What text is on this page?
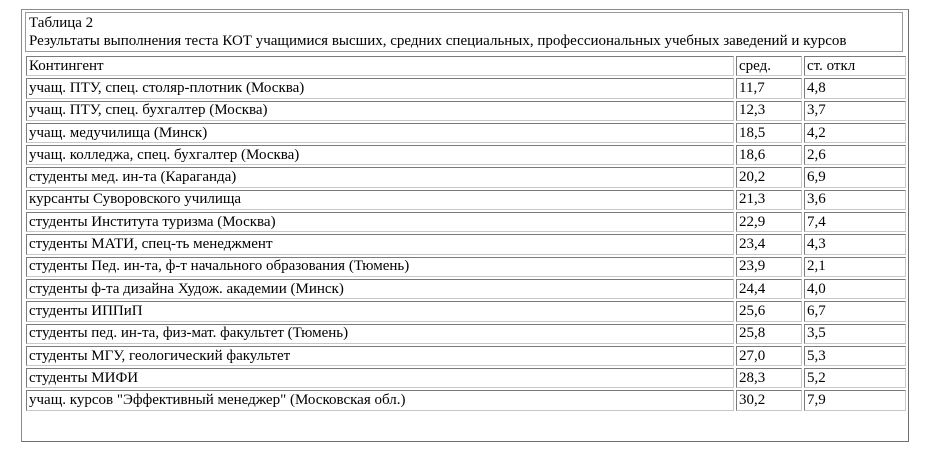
Таблица 2
Результаты выполнения теста КОТ учащимися высших, средних специальных, профессиональных учебных заведений и курсов
Контингент	сред.	ст. откл
учащ. ПТУ, спец. столяр-плотник (Москва)	11,7	4,8
учащ. ПТУ, спец. бухгалтер (Москва)	12,3	3,7
учащ. медучилища (Минск)	18,5	4,2
учащ. колледжа, спец. бухгалтер (Москва)	18,6	2,6
студенты мед. ин-та (Караганда)	20,2	6,9
курсанты Суворовского училища	21,3	3,6
студенты Института туризма (Москва)	22,9	7,4
студенты МАТИ, спец-ть менеджмент	23,4	4,3
студенты Пед. ин-та, ф-т начального образования (Тюмень)	23,9	2,1
студенты ф-та дизайна Худож. академии (Минск)	24,4	4,0
студенты ИППиП	25,6	6,7
студенты пед. ин-та, физ-мат. факультет (Тюмень)	25,8	3,5
студенты МГУ, геологический факультет	27,0	5,3
студенты МИФИ	28,3	5,2
учащ. курсов "Эффективный менеджер" (Московская обл.)	30,2	7,9
